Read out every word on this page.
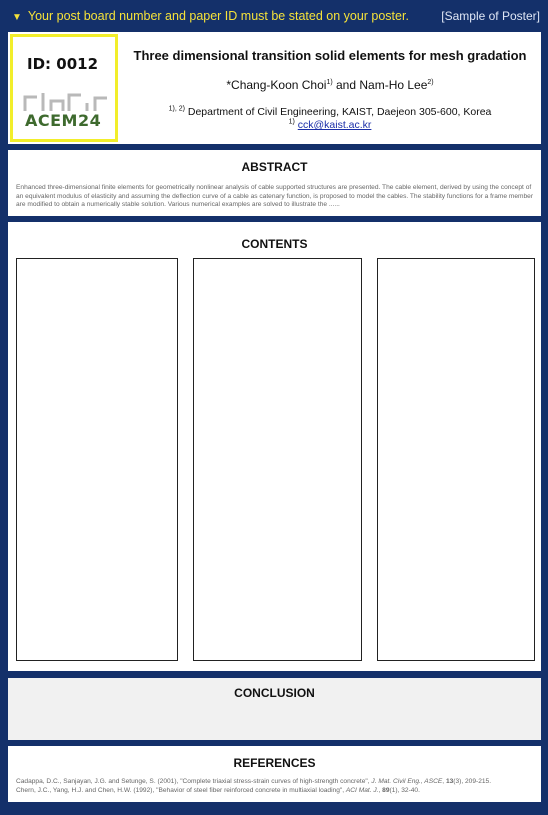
▼ Your post board number and paper ID must be stated on your poster.	[Sample of Poster]
ID: 0012
ACEM24
Three dimensional transition solid elements for mesh gradation
*Chang-Koon Choi$^{1)}$ and Nam-Ho Lee$^{2)}$
$^{1), 2)}$ Department of Civil Engineering, KAIST, Daejeon 305-600, Korea
$^{1)}$ cck@kaist.ac.kr
ABSTRACT
Enhanced three-dimensional finite elements for geometrically nonlinear analysis of cable supported structures are presented. The cable element, derived by using the concept of an equivalent modulus of elasticity and assuming the deflection curve of a cable as catenary function, is proposed to model the cables. The stability functions for a frame member are modified to obtain a numerically stable solution. Various numerical examples are solved to illustrate the ......
CONTENTS
CONCLUSION
REFERENCES
Cadappa, D.C., Sanjayan, J.G. and Setunge, S. (2001), "Complete triaxial stress-strain curves of high-strength concrete", J. Mat. Civil Eng., ASCE, 13(3), 209-215.
Chern, J.C., Yang, H.J. and Chen, H.W. (1992), "Behavior of steel fiber reinforced concrete in multiaxial loading", ACI Mat. J., 89(1), 32-40.
